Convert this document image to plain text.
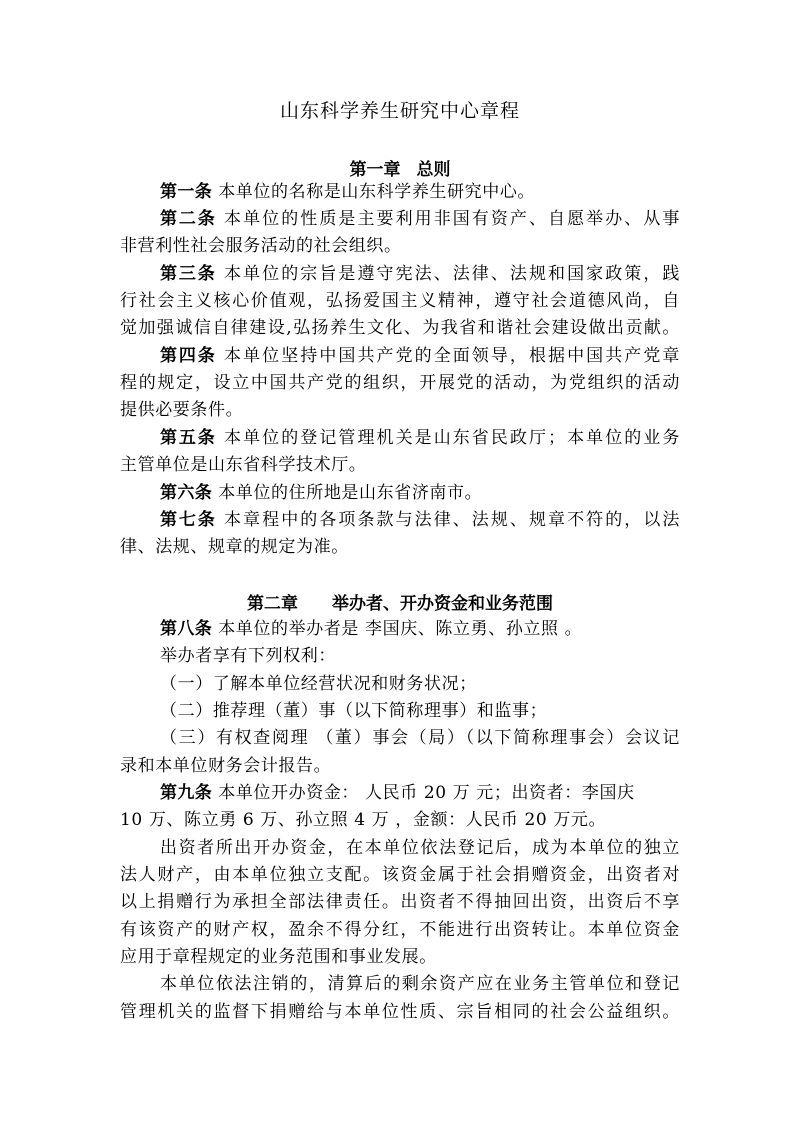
山东科学养生研究中心章程
第一章 总则
第一条 本单位的名称是山东科学养生研究中心。
第二条 本单位的性质是主要利用非国有资产、自愿举办、从事
非营利性社会服务活动的社会组织。
第三条 本单位的宗旨是遵守宪法、法律、法规和国家政策，践
行社会主义核心价值观，弘扬爱国主义精神，遵守社会道德风尚，自
觉加强诚信自律建设,弘扬养生文化、为我省和谐社会建设做出贡献。
第四条 本单位坚持中国共产党的全面领导，根据中国共产党章
程的规定，设立中国共产党的组织，开展党的活动，为党组织的活动
提供必要条件。
第五条 本单位的登记管理机关是山东省民政厅；本单位的业务
主管单位是山东省科学技术厅。
第六条 本单位的住所地是山东省济南市。
第七条 本章程中的各项条款与法律、法规、规章不符的，以法
律、法规、规章的规定为准。
第二章 举办者、开办资金和业务范围
第八条 本单位的举办者是 李国庆、陈立勇、孙立照 。
举办者享有下列权利：
（一）了解本单位经营状况和财务状况；
（二）推荐理（董）事（以下简称理事）和监事；
（三）有权查阅理 （董）事会（局）（以下简称理事会）会议记
录和本单位财务会计报告。
第九条 本单位开办资金： 人民币 20 万 元；出资者：李国庆
10 万、陈立勇 6 万、孙立照 4 万 ，金额：人民币 20 万元。
出资者所出开办资金，在本单位依法登记后，成为本单位的独立
法人财产，由本单位独立支配。该资金属于社会捐赠资金，出资者对
以上捐赠行为承担全部法律责任。出资者不得抽回出资，出资后不享
有该资产的财产权，盈余不得分红，不能进行出资转让。本单位资金
应用于章程规定的业务范围和事业发展。
本单位依法注销的，清算后的剩余资产应在业务主管单位和登记
管理机关的监督下捐赠给与本单位性质、宗旨相同的社会公益组织。
